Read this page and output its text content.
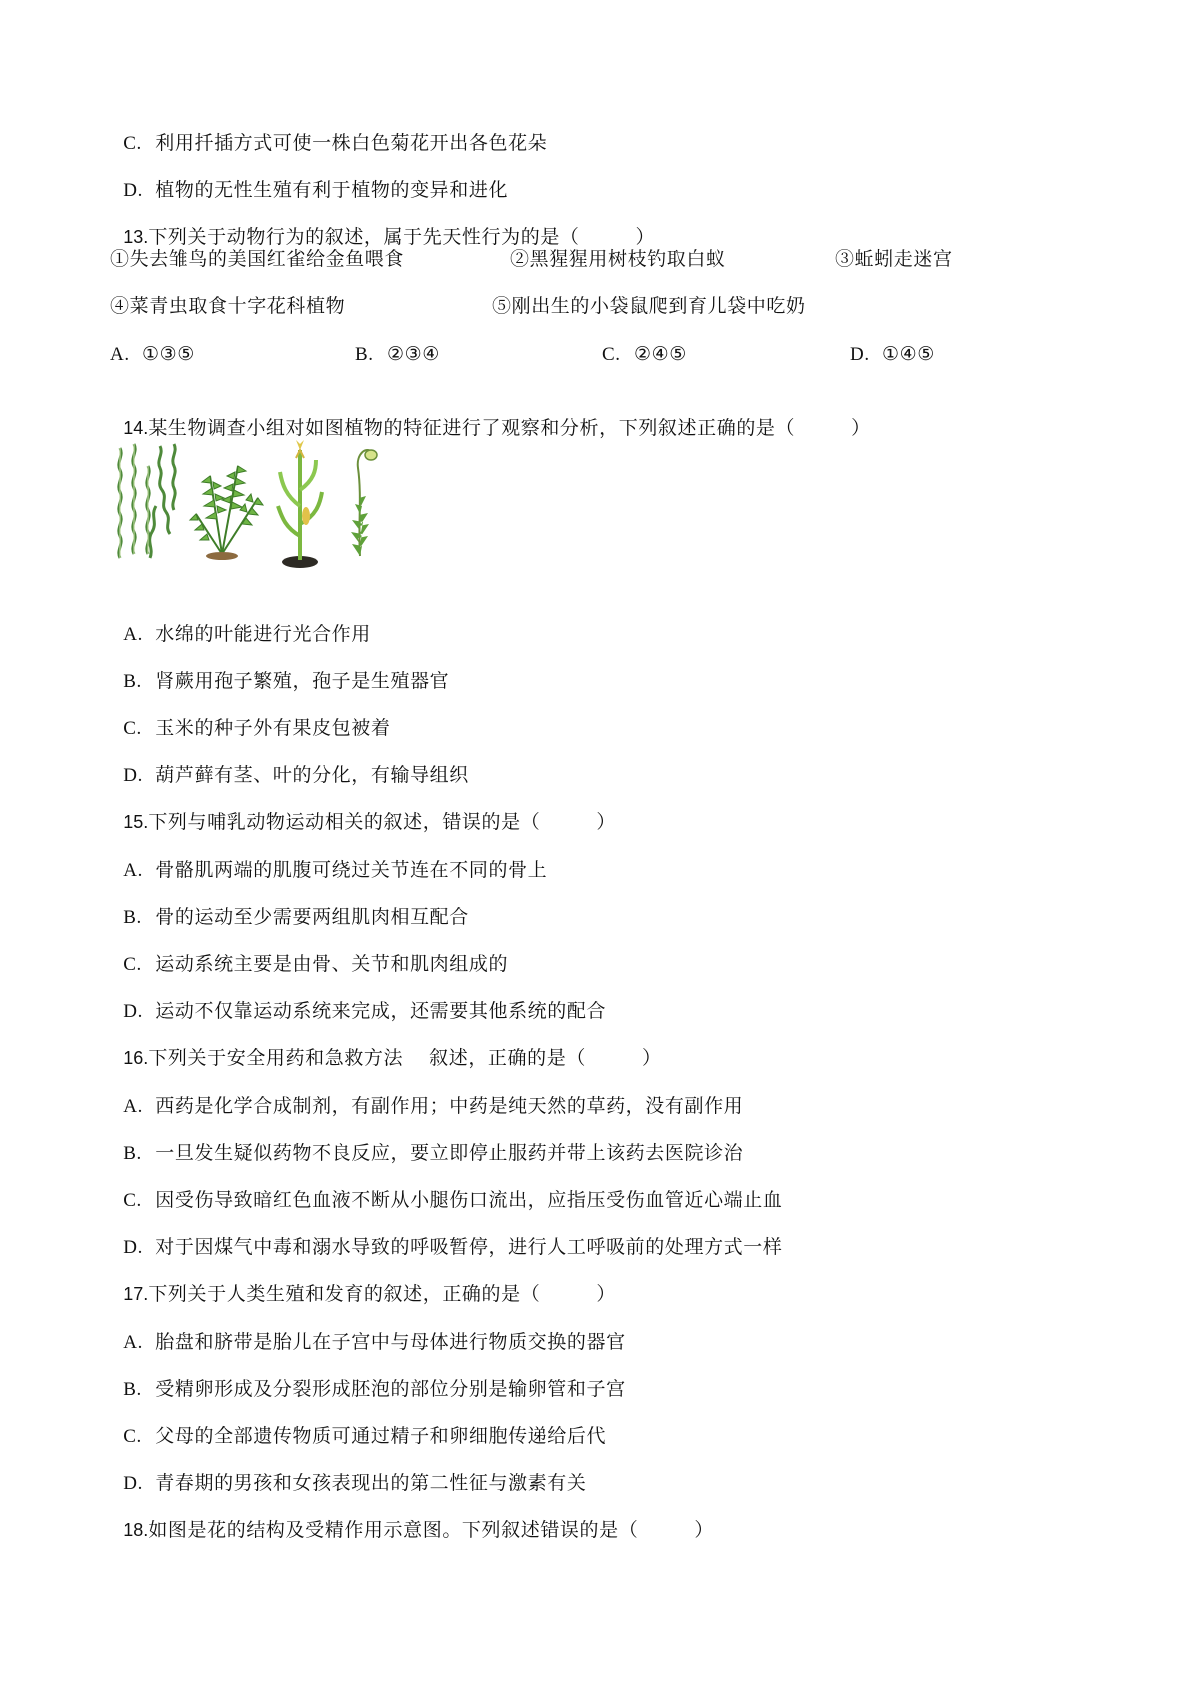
C. 利用扦插方式可使一株白色菊花开出各色花朵

D. 植物的无性生殖有利于植物的变异和进化

13.下列关于动物行为的叙述，属于先天性行为的是（	）

①失去雏鸟的美国红雀给金鱼喂食

	②黑猩猩用树枝钓取白蚁

	③蚯蚓走迷宫

④菜青虫取食十字花科植物

	⑤刚出生的小袋鼠爬到育儿袋中吃奶

A. ①③⑤

	B. ②③④

	C. ②④⑤

	D. ①④⑤

14.某生物调查小组对如图植物的特征进行了观察和分析，下列叙述正确的是（	）

A. 水绵的叶能进行光合作用

B. 肾蕨用孢子繁殖，孢子是生殖器官

C. 玉米的种子外有果皮包被着

D. 葫芦藓有茎、叶的分化，有输导组织

15.下列与哺乳动物运动相关的叙述，错误的是（	）

A. 骨骼肌两端的肌腹可绕过关节连在不同的骨上

B. 骨的运动至少需要两组肌肉相互配合

C. 运动系统主要是由骨、关节和肌肉组成的

D. 运动不仅靠运动系统来完成，还需要其他系统的配合

16.下列关于安全用药和急救方法 叙述，正确的是（	）

A. 西药是化学合成制剂，有副作用；中药是纯天然的草药，没有副作用

B. 一旦发生疑似药物不良反应，要立即停止服药并带上该药去医院诊治

C. 因受伤导致暗红色血液不断从小腿伤口流出，应指压受伤血管近心端止血

D. 对于因煤气中毒和溺水导致的呼吸暂停，进行人工呼吸前的处理方式一样

17.下列关于人类生殖和发育的叙述，正确的是（	）

A. 胎盘和脐带是胎儿在子宫中与母体进行物质交换的器官

B. 受精卵形成及分裂形成胚泡的部位分别是输卵管和子宫

C. 父母的全部遗传物质可通过精子和卵细胞传递给后代

D. 青春期的男孩和女孩表现出的第二性征与激素有关

18.如图是花的结构及受精作用示意图。下列叙述错误的是（	）
